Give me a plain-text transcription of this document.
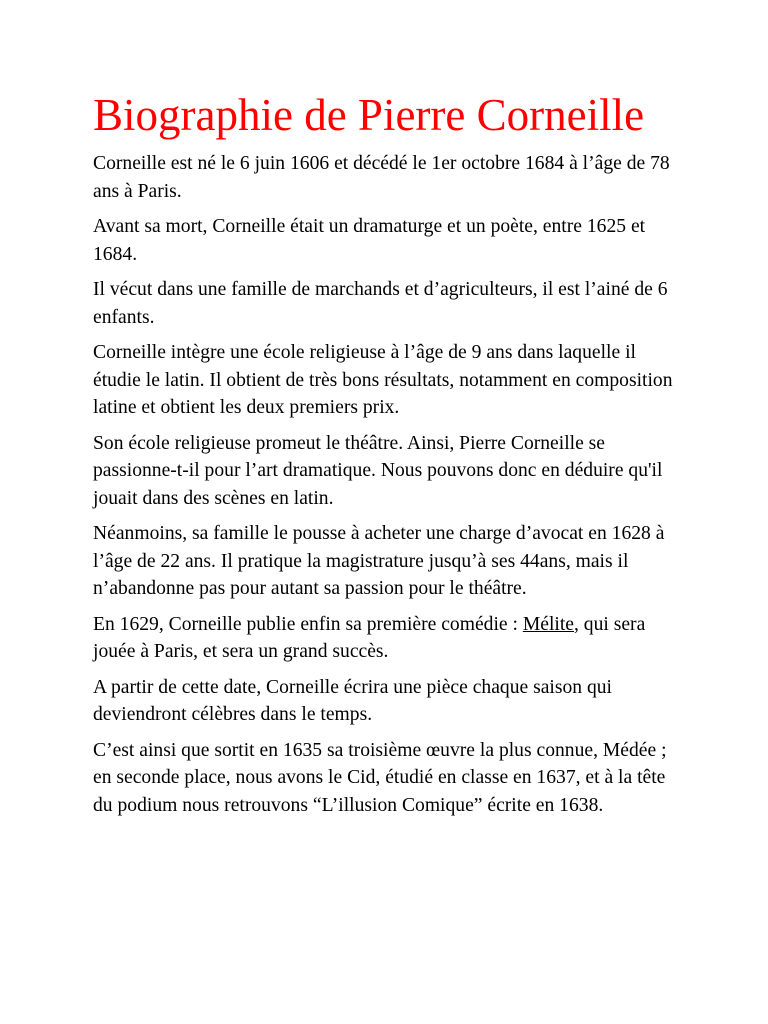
Biographie de Pierre Corneille

Corneille est né le 6 juin 1606 et décédé le 1er octobre 1684 à l’âge de 78 ans à Paris.

Avant sa mort, Corneille était un dramaturge et un poète, entre 1625 et 1684.

Il vécut dans une famille de marchands et d’agriculteurs, il est l’ainé de 6 enfants.

Corneille intègre une école religieuse à l’âge de 9 ans dans laquelle il étudie le latin. Il obtient de très bons résultats, notamment en composition latine et obtient les deux premiers prix.

Son école religieuse promeut le théâtre. Ainsi, Pierre Corneille se passionne-t-il pour l’art dramatique. Nous pouvons donc en déduire qu'il jouait dans des scènes en latin.

Néanmoins, sa famille le pousse à acheter une charge d’avocat en 1628 à l’âge de 22 ans. Il pratique la magistrature jusqu’à ses 44ans, mais il n’abandonne pas pour autant sa passion pour le théâtre.

En 1629, Corneille publie enfin sa première comédie : Mélite, qui sera jouée à Paris, et sera un grand succès.

A partir de cette date, Corneille écrira une pièce chaque saison qui deviendront célèbres dans le temps.

C’est ainsi que sortit en 1635 sa troisième œuvre la plus connue, Médée ; en seconde place, nous avons le Cid, étudié en classe en 1637, et à la tête du podium nous retrouvons “L’illusion Comique” écrite en 1638.
